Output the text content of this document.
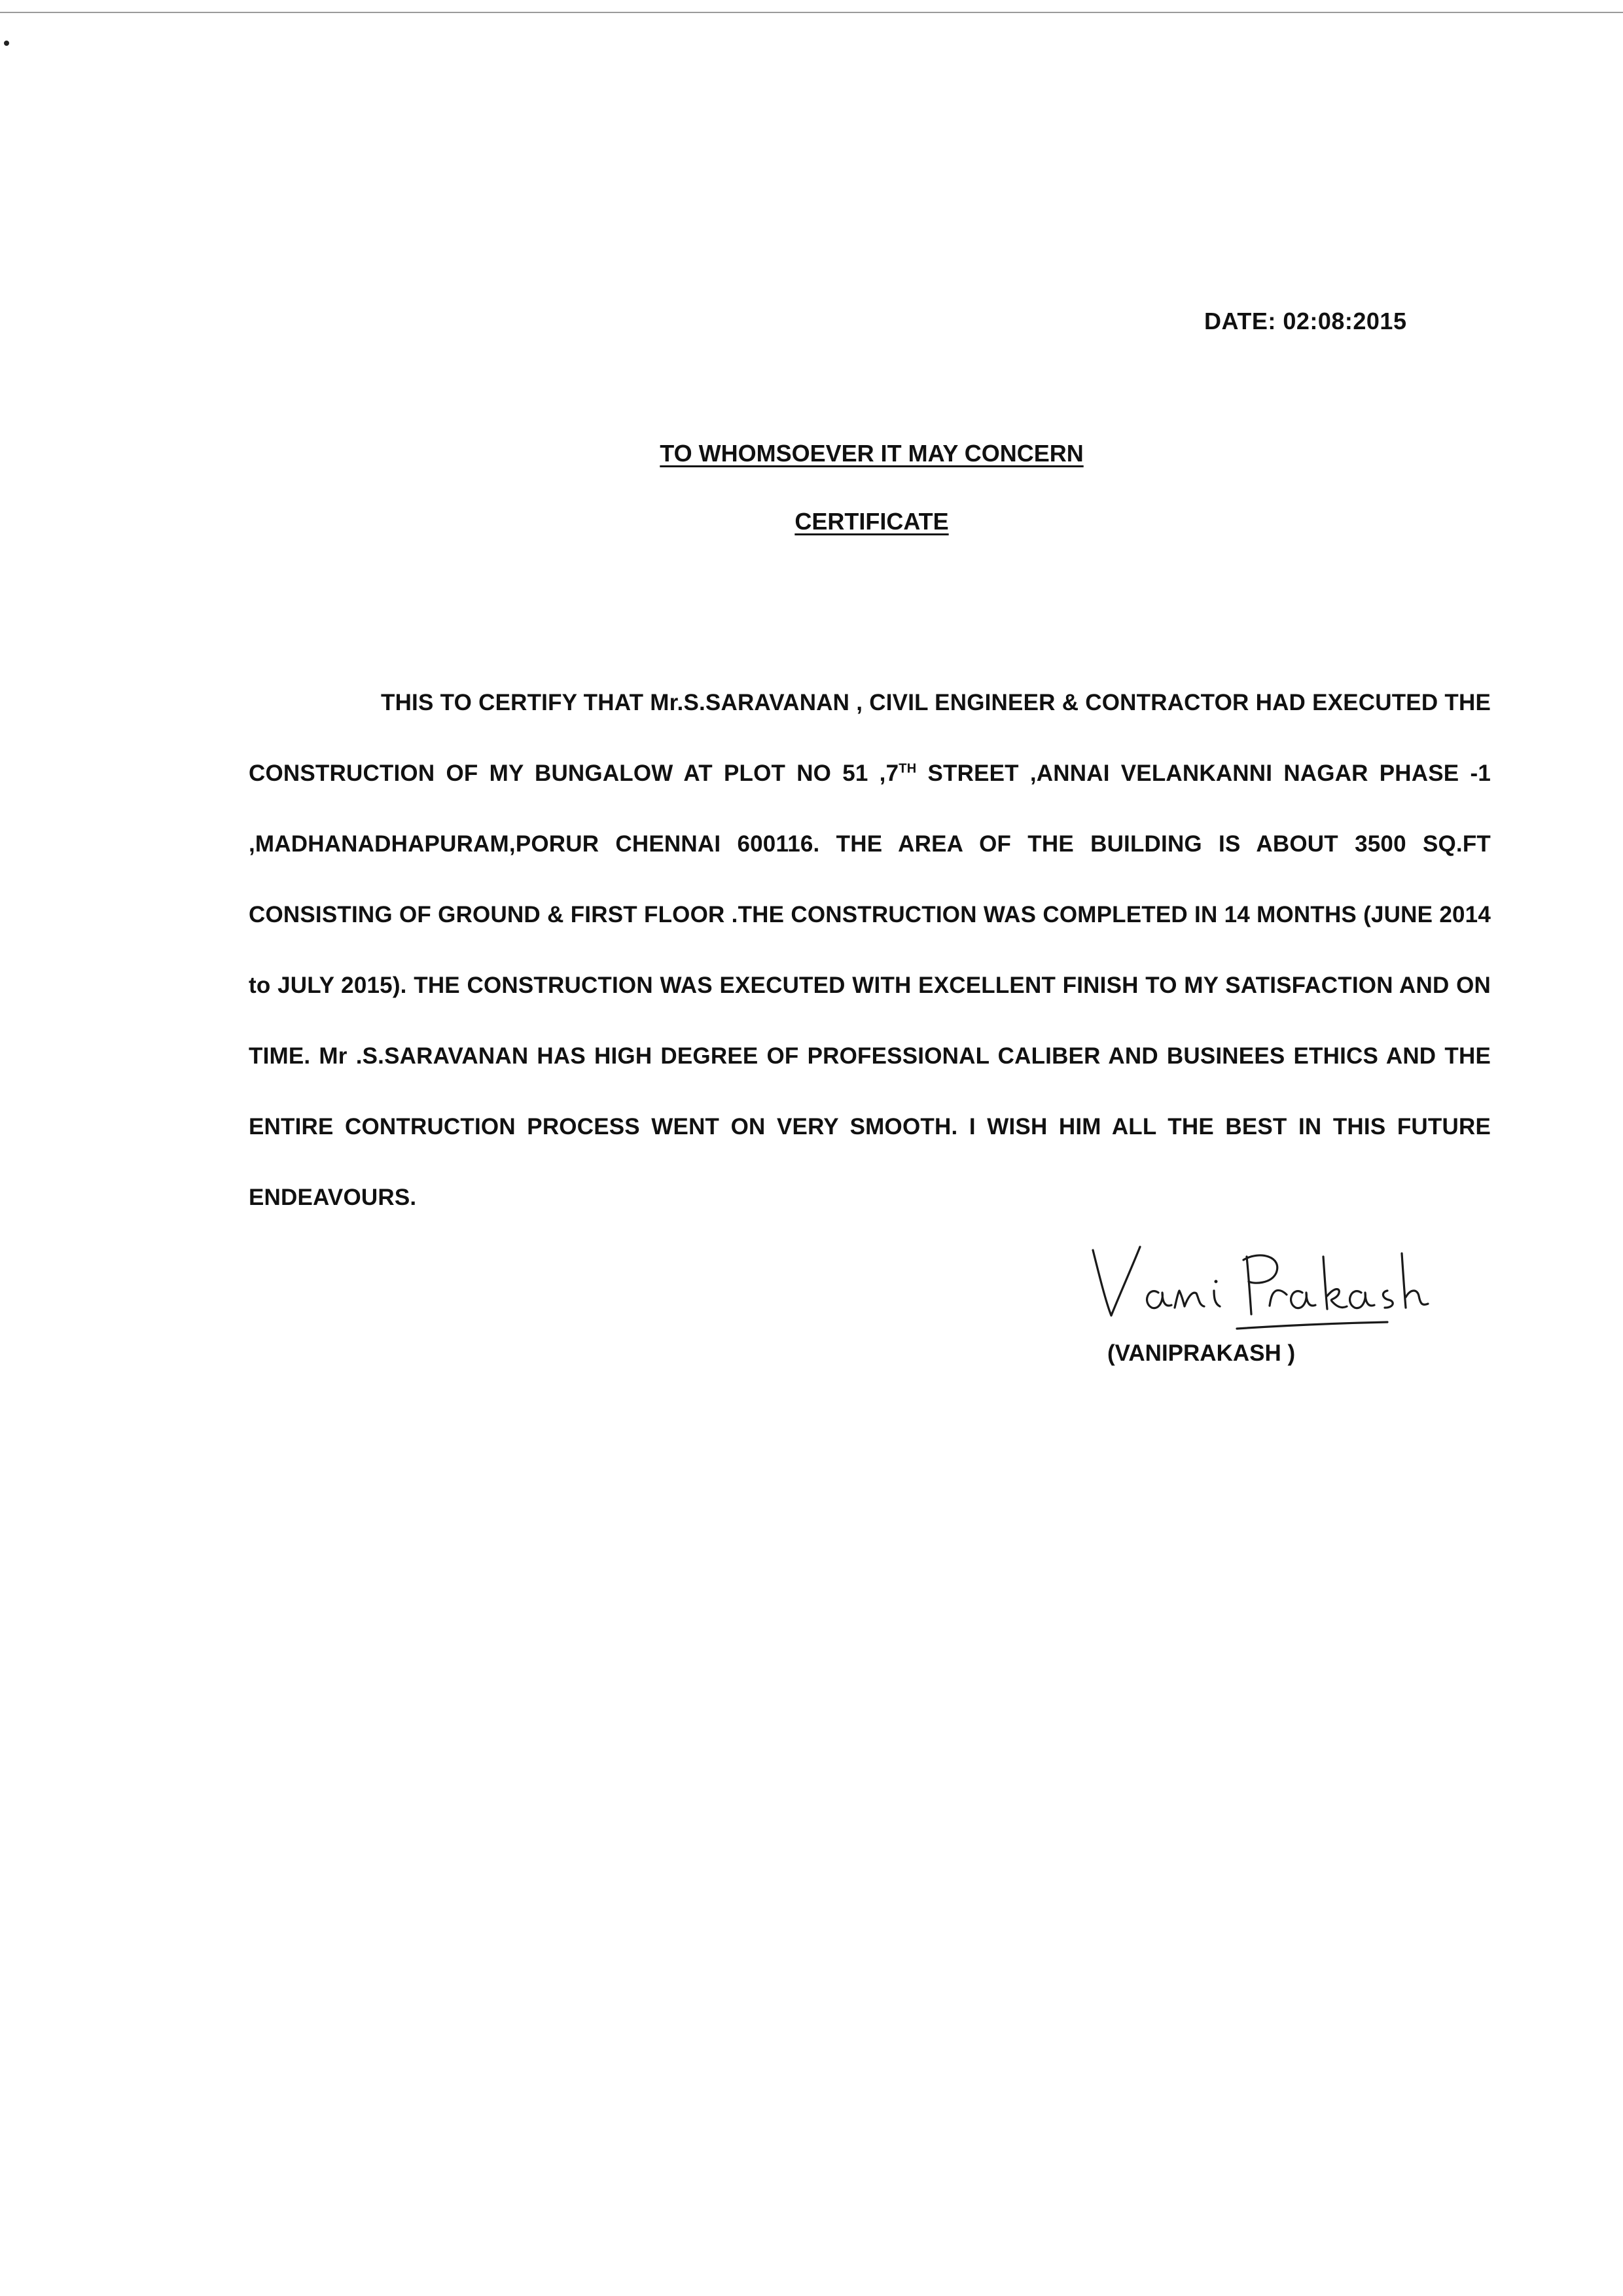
DATE: 02:08:2015
TO WHOMSOEVER IT MAY CONCERN
CERTIFICATE
THIS TO CERTIFY THAT Mr.S.SARAVANAN , CIVIL ENGINEER & CONTRACTOR HAD EXECUTED THE CONSTRUCTION OF MY BUNGALOW AT PLOT NO 51 ,7TH STREET ,ANNAI VELANKANNI NAGAR PHASE -1 ,MADHANADHAPURAM,PORUR CHENNAI 600116. THE AREA OF THE BUILDING IS ABOUT 3500 SQ.FT CONSISTING OF GROUND & FIRST FLOOR .THE CONSTRUCTION WAS COMPLETED IN 14 MONTHS (JUNE 2014 to JULY 2015). THE CONSTRUCTION WAS EXECUTED WITH EXCELLENT FINISH TO MY SATISFACTION AND ON TIME. Mr .S.SARAVANAN HAS HIGH DEGREE OF PROFESSIONAL CALIBER AND BUSINEES ETHICS AND THE ENTIRE CONTRUCTION PROCESS WENT ON VERY SMOOTH. I WISH HIM ALL THE BEST IN THIS FUTURE ENDEAVOURS.
(VANIPRAKASH )
